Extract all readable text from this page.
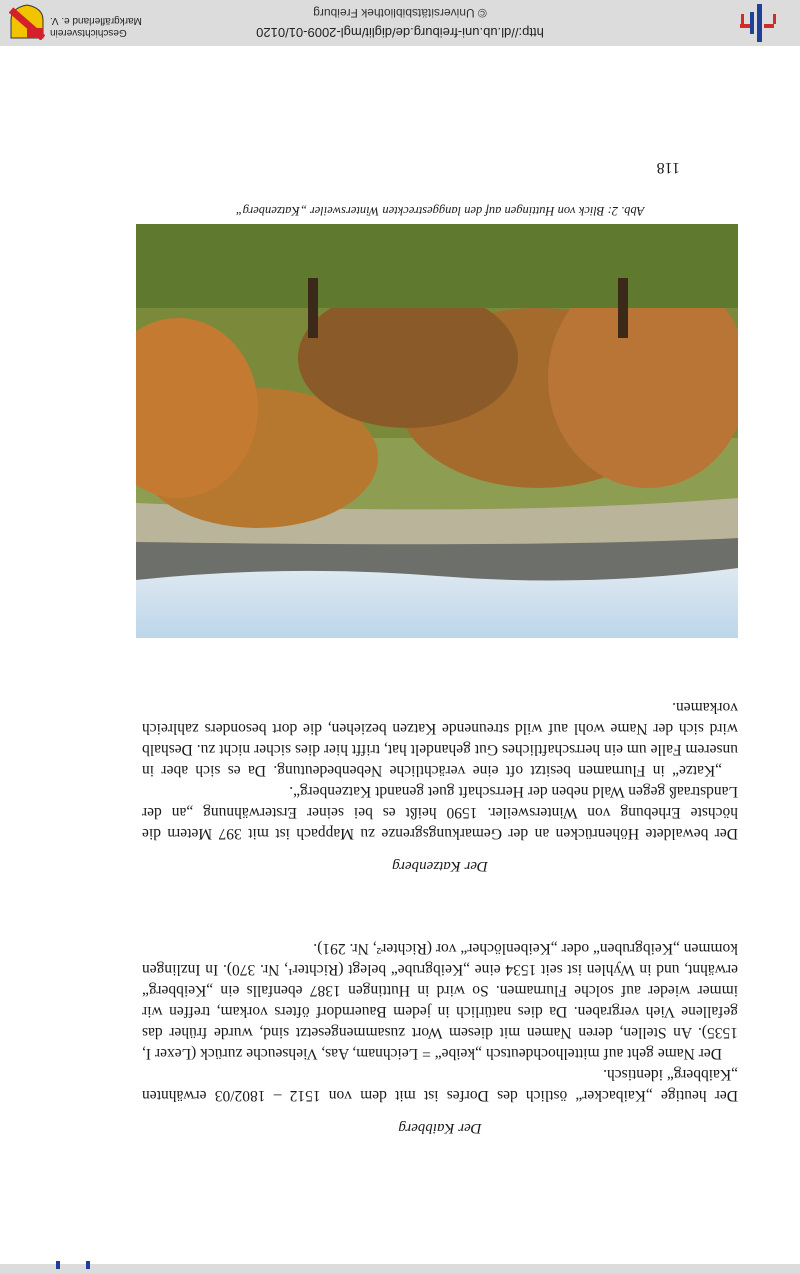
http://dl.ub.uni-freiburg.de/diglit/mgl-2009-01/0120
© Universitätsbibliothek Freiburg
Geschichtsverein Markgräflerland e. V.
Der Kaibberg

Der heutige „Kaibacker“ östlich des Dorfes ist mit dem von 1512 – 1802/03 erwähnten „Kaibberg“ identisch.

Der Name geht auf mittelhochdeutsch „keibe“ = Leichnam, Aas, Viehseuche zurück (Lexer I, 1535). An Stellen, deren Namen mit diesem Wort zusammengesetzt sind, wurde früher das gefallene Vieh vergraben. Da dies natürlich in jedem Bauerndorf öfters vorkam, treffen wir immer wieder auf solche Flurnamen. So wird in Huttingen 1387 ebenfalls ein „Keibberg“ erwähnt, und in Wyhlen ist seit 1534 eine „Keibgrube“ belegt (Richter¹, Nr. 370). In Inzlingen kommen „Keibgruben“ oder „Keibenlöcher“ vor (Richter², Nr. 291).

Der Katzenberg

Der bewaldete Höhenrücken an der Gemarkungsgrenze zu Mappach ist mit 397 Metern die höchste Erhebung von Wintersweiler. 1590 heißt es bei seiner Ersterwähnung „an der Landstraaß gegen Wald neben der Herrschaft guet genandt Katzenberg“.

„Katze“ in Flurnamen besitzt oft eine verächtliche Nebenbedeutung. Da es sich aber in unserem Falle um ein herrschaftliches Gut gehandelt hat, trifft hier dies sicher nicht zu. Deshalb wird sich der Name wohl auf wild streunende Katzen beziehen, die dort besonders zahlreich vorkamen.

Abb. 2: Blick von Huttingen auf den langgestreckten Wintersweiler „Katzenberg“
118
